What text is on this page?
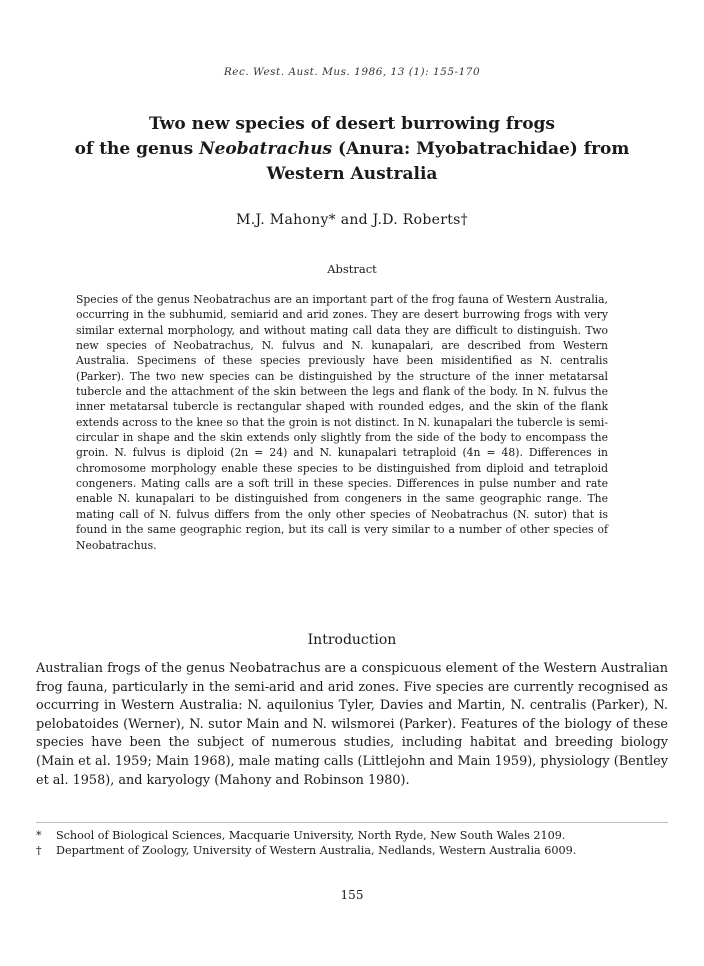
Rec. West. Aust. Mus. 1986, 13 (1): 155-170
Two new species of desert burrowing frogs
of the genus Neobatrachus (Anura: Myobatrachidae) from
Western Australia
M.J. Mahony* and J.D. Roberts†
Abstract

Species of the genus Neobatrachus are an important part of the frog fauna of Western Australia, occurring in the subhumid, semiarid and arid zones. They are desert burrowing frogs with very similar external morphology, and without mating call data they are difficult to distinguish. Two new species of Neobatrachus, N. fulvus and N. kunapalari, are described from Western Australia. Specimens of these species previously have been misidentified as N. centralis (Parker). The two new species can be distinguished by the structure of the inner metatarsal tubercle and the attachment of the skin between the legs and flank of the body. In N. fulvus the inner metatarsal tubercle is rectangular shaped with rounded edges, and the skin of the flank extends across to the knee so that the groin is not distinct. In N. kunapalari the tubercle is semi-circular in shape and the skin extends only slightly from the side of the body to encompass the groin. N. fulvus is diploid (2n = 24) and N. kunapalari tetraploid (4n = 48). Differences in chromosome morphology enable these species to be distinguished from diploid and tetraploid congeners. Mating calls are a soft trill in these species. Differences in pulse number and rate enable N. kunapalari to be distinguished from congeners in the same geographic range. The mating call of N. fulvus differs from the only other species of Neobatrachus (N. sutor) that is found in the same geographic region, but its call is very similar to a number of other species of Neobatrachus.

Introduction

Australian frogs of the genus Neobatrachus are a conspicuous element of the Western Australian frog fauna, particularly in the semi-arid and arid zones. Five species are currently recognised as occurring in Western Australia: N. aquilonius Tyler, Davies and Martin, N. centralis (Parker), N. pelobatoides (Werner), N. sutor Main and N. wilsmorei (Parker). Features of the biology of these species have been the subject of numerous studies, including habitat and breeding biology (Main et al. 1959; Main 1968), male mating calls (Littlejohn and Main 1959), physiology (Bentley et al. 1958), and karyology (Mahony and Robinson 1980).

*	School of Biological Sciences, Macquarie University, North Ryde, New South Wales 2109.
†	Department of Zoology, University of Western Australia, Nedlands, Western Australia 6009.
155
